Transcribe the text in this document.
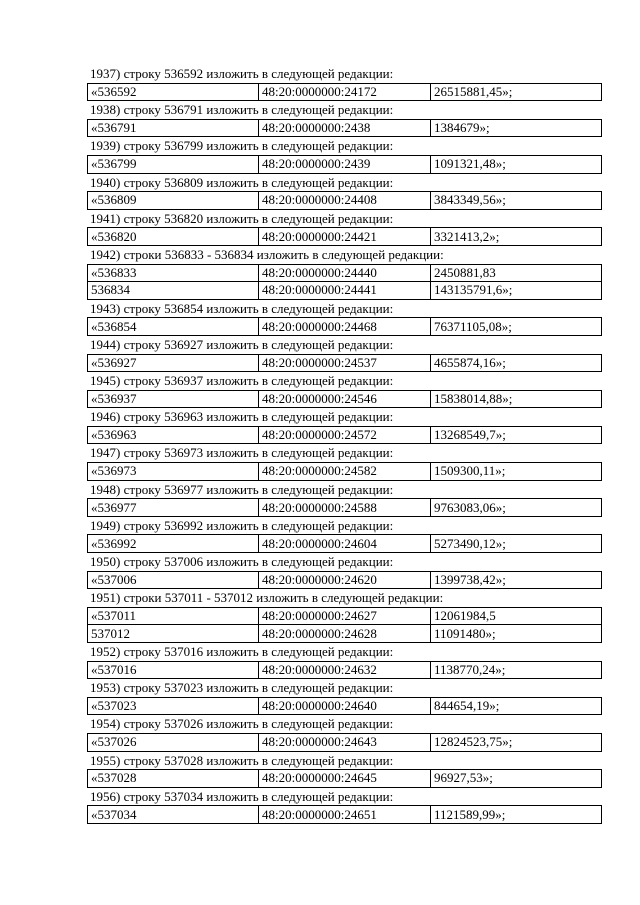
1937) строку 536592 изложить в следующей редакции:
«536592	48:20:0000000:24172	26515881,45»;
1938) строку 536791 изложить в следующей редакции:
«536791	48:20:0000000:2438	1384679»;
1939) строку 536799 изложить в следующей редакции:
«536799	48:20:0000000:2439	1091321,48»;
1940) строку 536809 изложить в следующей редакции:
«536809	48:20:0000000:24408	3843349,56»;
1941) строку 536820 изложить в следующей редакции:
«536820	48:20:0000000:24421	3321413,2»;
1942) строки 536833 - 536834 изложить в следующей редакции:
«536833	48:20:0000000:24440	2450881,83
536834	48:20:0000000:24441	143135791,6»;
1943) строку 536854 изложить в следующей редакции:
«536854	48:20:0000000:24468	76371105,08»;
1944) строку 536927 изложить в следующей редакции:
«536927	48:20:0000000:24537	4655874,16»;
1945) строку 536937 изложить в следующей редакции:
«536937	48:20:0000000:24546	15838014,88»;
1946) строку 536963 изложить в следующей редакции:
«536963	48:20:0000000:24572	13268549,7»;
1947) строку 536973 изложить в следующей редакции:
«536973	48:20:0000000:24582	1509300,11»;
1948) строку 536977 изложить в следующей редакции:
«536977	48:20:0000000:24588	9763083,06»;
1949) строку 536992 изложить в следующей редакции:
«536992	48:20:0000000:24604	5273490,12»;
1950) строку 537006 изложить в следующей редакции:
«537006	48:20:0000000:24620	1399738,42»;
1951) строки 537011 - 537012 изложить в следующей редакции:
«537011	48:20:0000000:24627	12061984,5
537012	48:20:0000000:24628	11091480»;
1952) строку 537016 изложить в следующей редакции:
«537016	48:20:0000000:24632	1138770,24»;
1953) строку 537023 изложить в следующей редакции:
«537023	48:20:0000000:24640	844654,19»;
1954) строку 537026 изложить в следующей редакции:
«537026	48:20:0000000:24643	12824523,75»;
1955) строку 537028 изложить в следующей редакции:
«537028	48:20:0000000:24645	96927,53»;
1956) строку 537034 изложить в следующей редакции:
«537034	48:20:0000000:24651	1121589,99»;
